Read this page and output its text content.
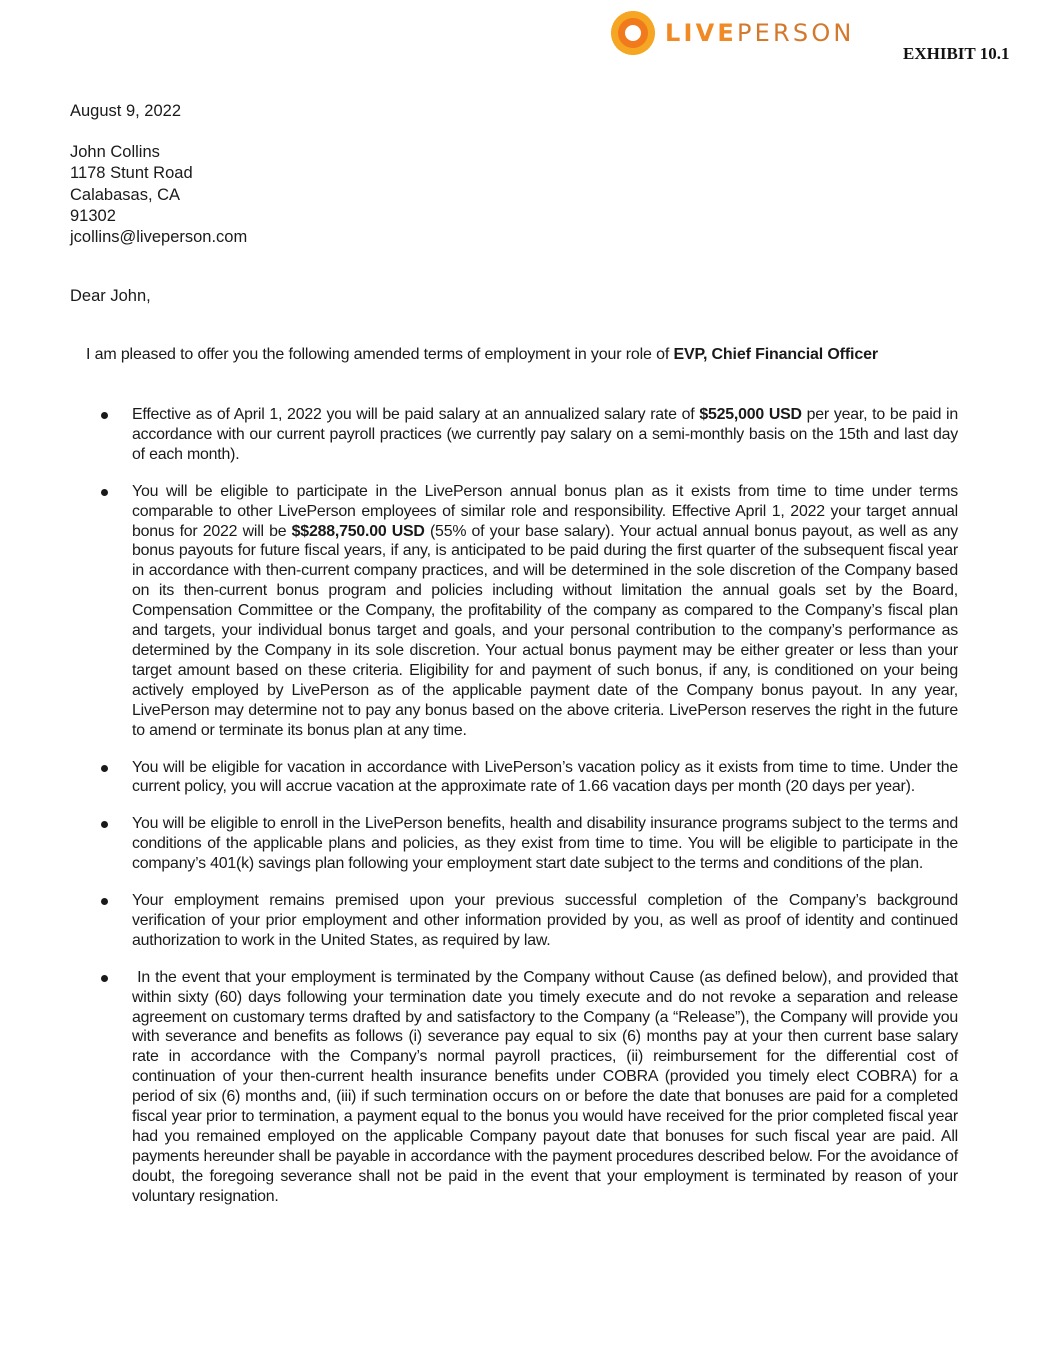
LIVEPERSON
EXHIBIT 10.1
August 9, 2022
John Collins
1178 Stunt Road
Calabasas, CA
91302
jcollins@liveperson.com
Dear John,
I am pleased to offer you the following amended terms of employment in your role of EVP, Chief Financial Officer
Effective as of April 1, 2022 you will be paid salary at an annualized salary rate of $525,000 USD per year, to be paid in accordance with our current payroll practices (we currently pay salary on a semi-monthly basis on the 15th and last day of each month).
You will be eligible to participate in the LivePerson annual bonus plan as it exists from time to time under terms comparable to other LivePerson employees of similar role and responsibility. Effective April 1, 2022 your target annual bonus for 2022 will be $$288,750.00 USD (55% of your base salary). Your actual annual bonus payout, as well as any bonus payouts for future fiscal years, if any, is anticipated to be paid during the first quarter of the subsequent fiscal year in accordance with then-current company practices, and will be determined in the sole discretion of the Company based on its then-current bonus program and policies including without limitation the annual goals set by the Board, Compensation Committee or the Company, the profitability of the company as compared to the Company’s fiscal plan and targets, your individual bonus target and goals, and your personal contribution to the company’s performance as determined by the Company in its sole discretion. Your actual bonus payment may be either greater or less than your target amount based on these criteria. Eligibility for and payment of such bonus, if any, is conditioned on your being actively employed by LivePerson as of the applicable payment date of the Company bonus payout. In any year, LivePerson may determine not to pay any bonus based on the above criteria. LivePerson reserves the right in the future to amend or terminate its bonus plan at any time.
You will be eligible for vacation in accordance with LivePerson’s vacation policy as it exists from time to time. Under the current policy, you will accrue vacation at the approximate rate of 1.66 vacation days per month (20 days per year).
You will be eligible to enroll in the LivePerson benefits, health and disability insurance programs subject to the terms and conditions of the applicable plans and policies, as they exist from time to time. You will be eligible to participate in the company’s 401(k) savings plan following your employment start date subject to the terms and conditions of the plan.
Your employment remains premised upon your previous successful completion of the Company’s background verification of your prior employment and other information provided by you, as well as proof of identity and continued authorization to work in the United States, as required by law.
In the event that your employment is terminated by the Company without Cause (as defined below), and provided that within sixty (60) days following your termination date you timely execute and do not revoke a separation and release agreement on customary terms drafted by and satisfactory to the Company (a “Release”), the Company will provide you with severance and benefits as follows (i) severance pay equal to six (6) months pay at your then current base salary rate in accordance with the Company’s normal payroll practices, (ii) reimbursement for the differential cost of continuation of your then-current health insurance benefits under COBRA (provided you timely elect COBRA) for a period of six (6) months and, (iii) if such termination occurs on or before the date that bonuses are paid for a completed fiscal year prior to termination, a payment equal to the bonus you would have received for the prior completed fiscal year had you remained employed on the applicable Company payout date that bonuses for such fiscal year are paid. All payments hereunder shall be payable in accordance with the payment procedures described below. For the avoidance of doubt, the foregoing severance shall not be paid in the event that your employment is terminated by reason of your voluntary resignation.
